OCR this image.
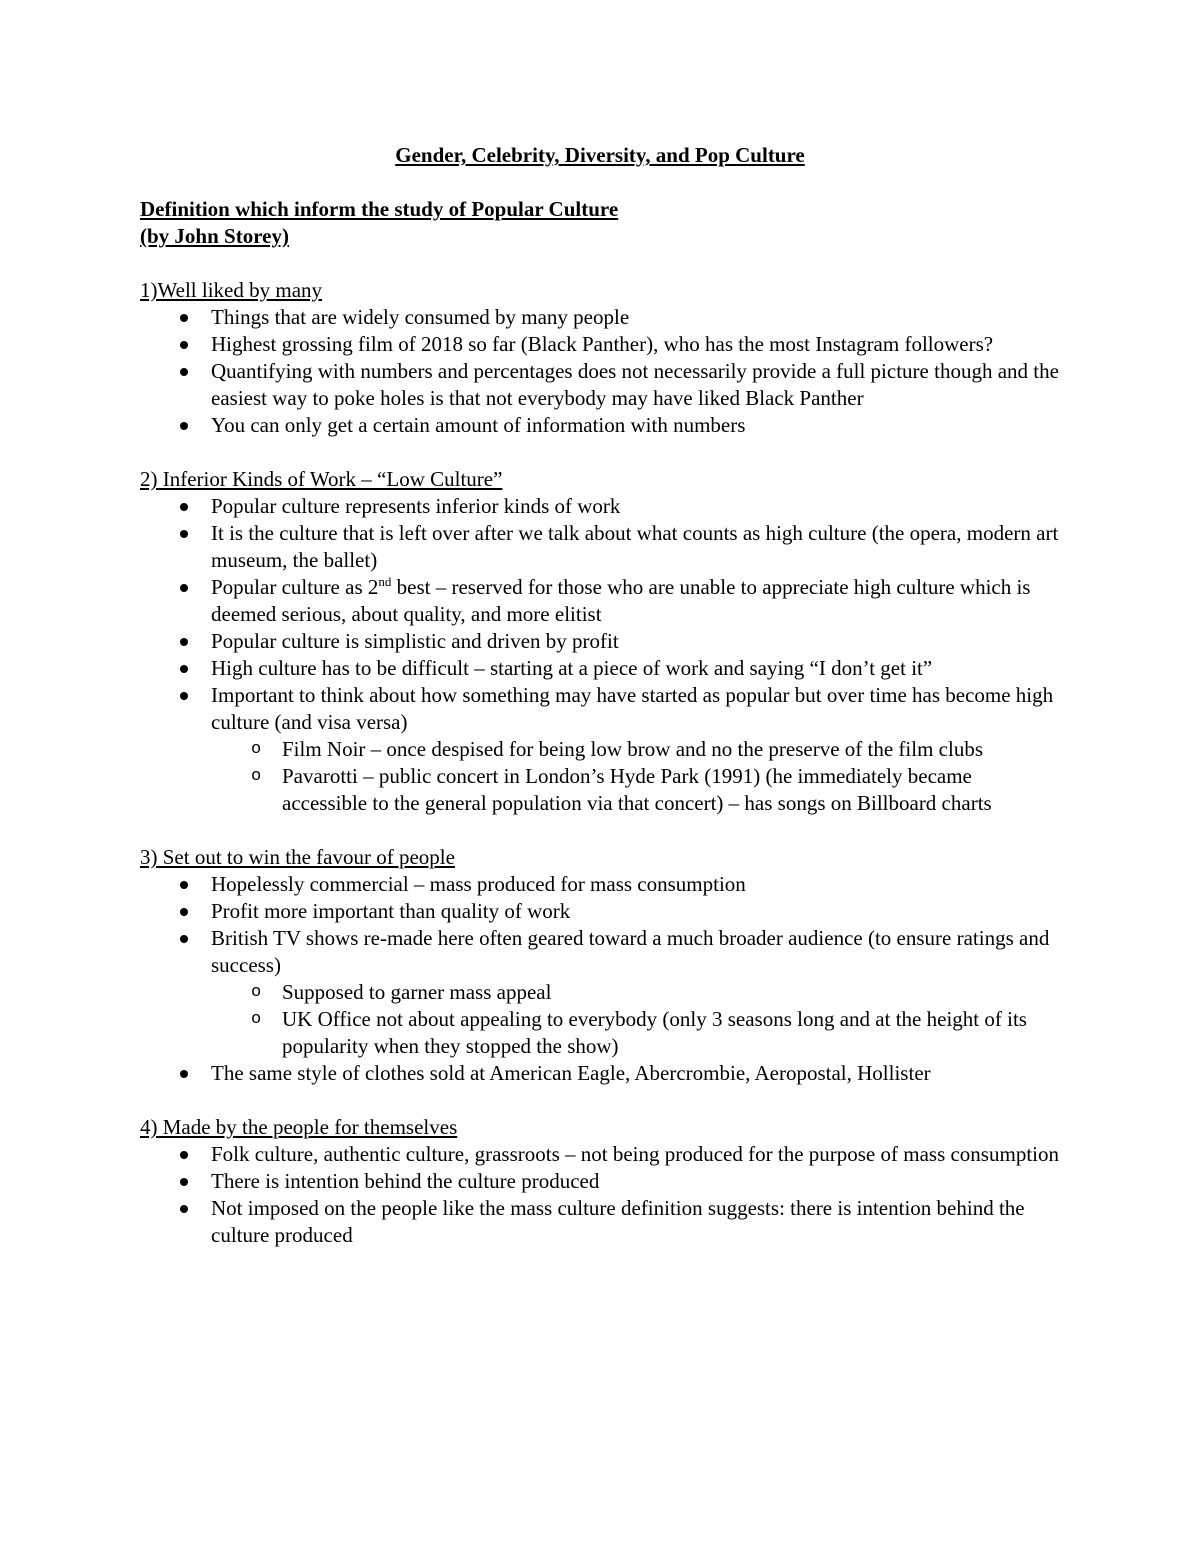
Gender, Celebrity, Diversity, and Pop Culture
Definition which inform the study of Popular Culture
(by John Storey)
1)Well liked by many
Things that are widely consumed by many people
Highest grossing film of 2018 so far (Black Panther), who has the most Instagram followers?
Quantifying with numbers and percentages does not necessarily provide a full picture though and the easiest way to poke holes is that not everybody may have liked Black Panther
You can only get a certain amount of information with numbers
2) Inferior Kinds of Work – “Low Culture”
Popular culture represents inferior kinds of work
It is the culture that is left over after we talk about what counts as high culture (the opera, modern art museum, the ballet)
Popular culture as 2nd best – reserved for those who are unable to appreciate high culture which is deemed serious, about quality, and more elitist
Popular culture is simplistic and driven by profit
High culture has to be difficult – starting at a piece of work and saying “I don’t get it”
Important to think about how something may have started as popular but over time has become high culture (and visa versa)
o Film Noir – once despised for being low brow and no the preserve of the film clubs
o Pavarotti – public concert in London’s Hyde Park (1991) (he immediately became accessible to the general population via that concert) – has songs on Billboard charts
3) Set out to win the favour of people
Hopelessly commercial – mass produced for mass consumption
Profit more important than quality of work
British TV shows re-made here often geared toward a much broader audience (to ensure ratings and success)
o Supposed to garner mass appeal
o UK Office not about appealing to everybody (only 3 seasons long and at the height of its popularity when they stopped the show)
The same style of clothes sold at American Eagle, Abercrombie, Aeropostal, Hollister
4) Made by the people for themselves
Folk culture, authentic culture, grassroots – not being produced for the purpose of mass consumption
There is intention behind the culture produced
Not imposed on the people like the mass culture definition suggests: there is intention behind the culture produced
